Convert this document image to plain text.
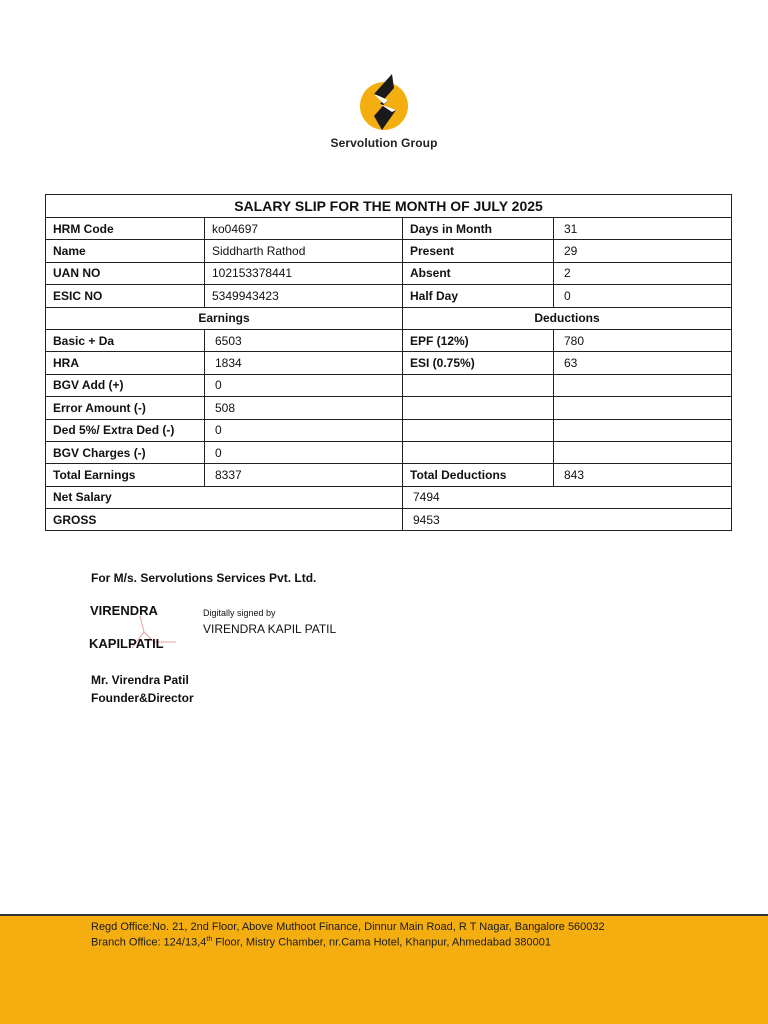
Servolution Group
SALARY SLIP FOR THE MONTH OF JULY 2025			
HRM Code	ko04697	Days in Month	31
Name	Siddharth Rathod	Present	29
UAN NO	102153378441	Absent	2
ESIC NO	5349943423	Half Day	0
Earnings		Deductions	
Basic + Da	6503	EPF (12%)	780
HRA	1834	ESI (0.75%)	63
BGV Add (+)	0		
Error Amount (-)	508		
Ded 5%/ Extra Ded (-)	0		
BGV Charges (-)	0		
Total Earnings	8337	Total Deductions	843
Net Salary		7494	
GROSS		9453	
For M/s. Servolutions Services Pvt. Ltd.
VIRENDRA
KAPILPATIL
Digitally signed by
VIRENDRA KAPIL PATIL
Mr. Virendra Patil
Founder&Director
Regd Office:No. 21, 2nd Floor, Above Muthoot Finance, Dinnur Main Road, R T Nagar, Bangalore 560032
Branch Office: 124/13,4th Floor, Mistry Chamber, nr.Cama Hotel, Khanpur, Ahmedabad 380001
